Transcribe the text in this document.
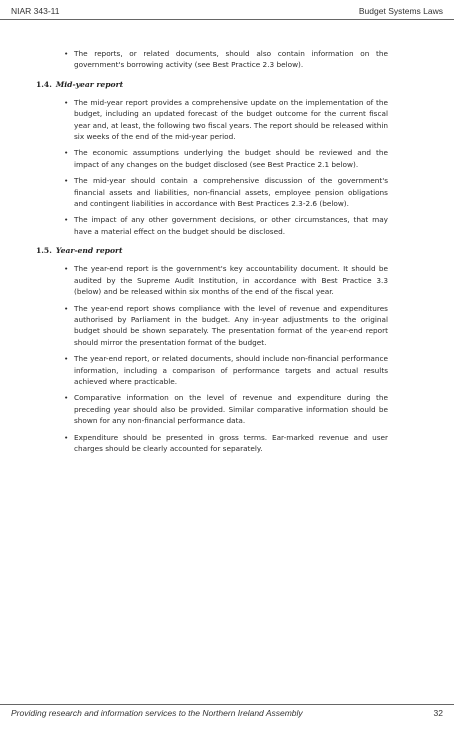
NIAR 343-11	Budget Systems Laws
• The reports, or related documents, should also contain information on the government's borrowing activity (see Best Practice 2.3 below).
1.4. Mid-year report
• The mid-year report provides a comprehensive update on the implementation of the budget, including an updated forecast of the budget outcome for the current fiscal year and, at least, the following two fiscal years. The report should be released within six weeks of the end of the mid-year period.
• The economic assumptions underlying the budget should be reviewed and the impact of any changes on the budget disclosed (see Best Practice 2.1 below).
• The mid-year should contain a comprehensive discussion of the government's financial assets and liabilities, non-financial assets, employee pension obligations and contingent liabilities in accordance with Best Practices 2.3-2.6 (below).
• The impact of any other government decisions, or other circumstances, that may have a material effect on the budget should be disclosed.
1.5. Year-end report
• The year-end report is the government's key accountability document. It should be audited by the Supreme Audit Institution, in accordance with Best Practice 3.3 (below) and be released within six months of the end of the fiscal year.
• The year-end report shows compliance with the level of revenue and expenditures authorised by Parliament in the budget. Any in-year adjustments to the original budget should be shown separately. The presentation format of the year-end report should mirror the presentation format of the budget.
• The year-end report, or related documents, should include non-financial performance information, including a comparison of performance targets and actual results achieved where practicable.
• Comparative information on the level of revenue and expenditure during the preceding year should also be provided. Similar comparative information should be shown for any non-financial performance data.
• Expenditure should be presented in gross terms. Ear-marked revenue and user charges should be clearly accounted for separately.
Providing research and information services to the Northern Ireland Assembly	32
